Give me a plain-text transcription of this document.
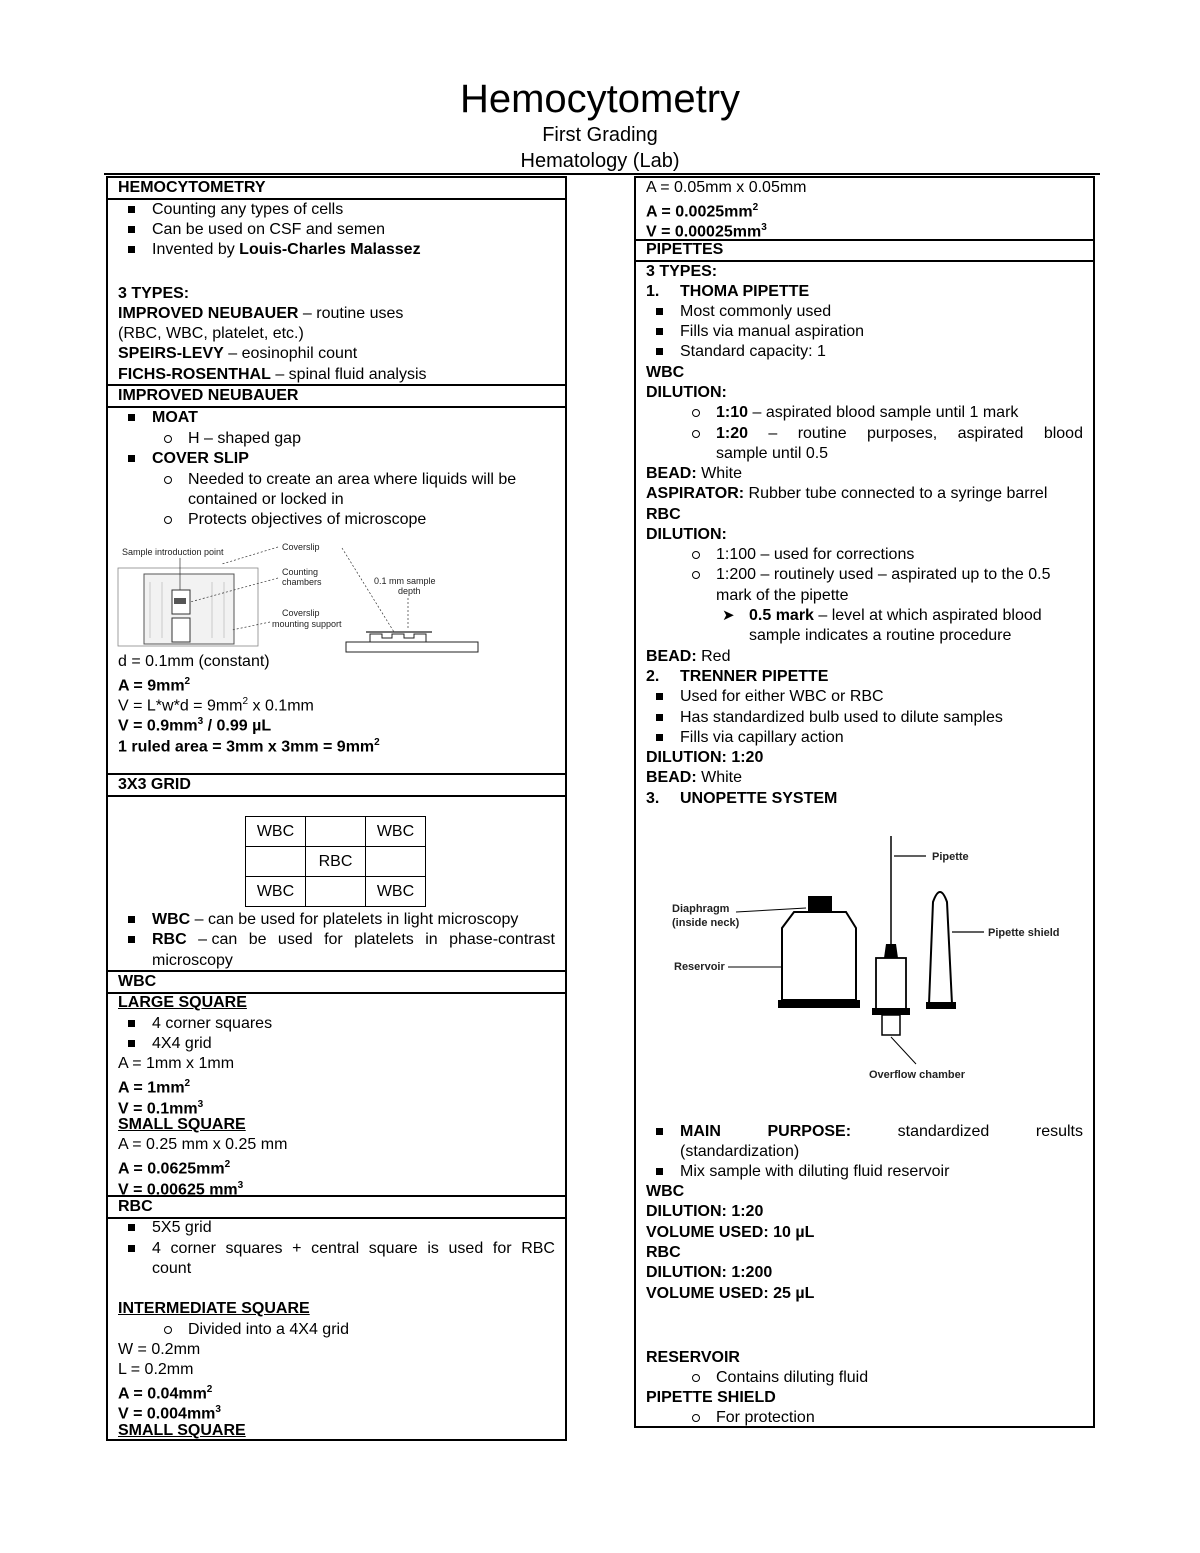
Hemocytometry
First Grading
Hematology (Lab)
HEMOCYTOMETRY
Counting any types of cells
Can be used on CSF and semen
Invented by Louis-Charles Malassez
3 TYPES:
IMPROVED NEUBAUER – routine uses
(RBC, WBC, platelet, etc.)
SPEIRS-LEVY – eosinophil count
FICHS-ROSENTHAL – spinal fluid analysis
IMPROVED NEUBAUER
MOAT
H – shaped gap
COVER SLIP
Needed to create an area where liquids will be
contained or locked in
Protects objectives of microscope
Sample introduction point	Coverslip
Counting
chambers
Coverslip
mounting support
0.1 mm sample
depth
d = 0.1mm (constant)
$A = 9mm^2$
$V = L*w*d = 9mm^2$ x 0.1mm
$V = 0.9mm^3 / 0.99$ µL
1 ruled area = 3mm x $3mm = 9mm^2$
3X3 GRID
WBC		WBC
	RBC	
WBC		WBC
WBC – can be used for platelets in light microscopy
RBC – can be used for platelets in phase-contrast
microscopy
WBC
LARGE SQUARE
4 corner squares
4X4 grid
A = 1mm x 1mm
$A = 1mm^2$
$V = 0.1mm^3$
SMALL SQUARE
A = 0.25 mm x 0.25 mm
$A = 0.0625mm^2$
V = 0.00625 $mm^3$
RBC
5X5 grid
4 corner squares + central square is used for RBC
count
INTERMEDIATE SQUARE
Divided into a 4X4 grid
W = 0.2mm
L = 0.2mm
$A = 0.04mm^2$
$V = 0.004mm^3$
SMALL SQUARE
A = 0.05mm x 0.05mm
$A = 0.0025mm^2$
$V = 0.00025mm^3$
PIPETTES
3 TYPES:
1. THOMA PIPETTE
Most commonly used
Fills via manual aspiration
Standard capacity: 1
WBC
DILUTION:
1:10 – aspirated blood sample until 1 mark
1:20 – routine purposes, aspirated blood
sample until 0.5
BEAD: White
ASPIRATOR: Rubber tube connected to a syringe barrel
RBC
DILUTION:
1:100 – used for corrections
1:200 – routinely used – aspirated up to the 0.5
mark of the pipette
➤ 0.5 mark – level at which aspirated blood
sample indicates a routine procedure
BEAD: Red
2. TRENNER PIPETTE
Used for either WBC or RBC
Has standardized bulb used to dilute samples
Fills via capillary action
DILUTION: 1:20
BEAD: White
3. UNOPETTE SYSTEM
Pipette
Overflow chamber
Diaphragm
(inside neck)
Reservoir
Pipette shield
MAIN	PURPOSE:	standardized	results
(standardization)
Mix sample with diluting fluid reservoir
WBC
DILUTION: 1:20
VOLUME USED: 10 µL
RBC
DILUTION: 1:200
VOLUME USED: 25 µL
RESERVOIR
Contains diluting fluid
PIPETTE SHIELD
For protection
